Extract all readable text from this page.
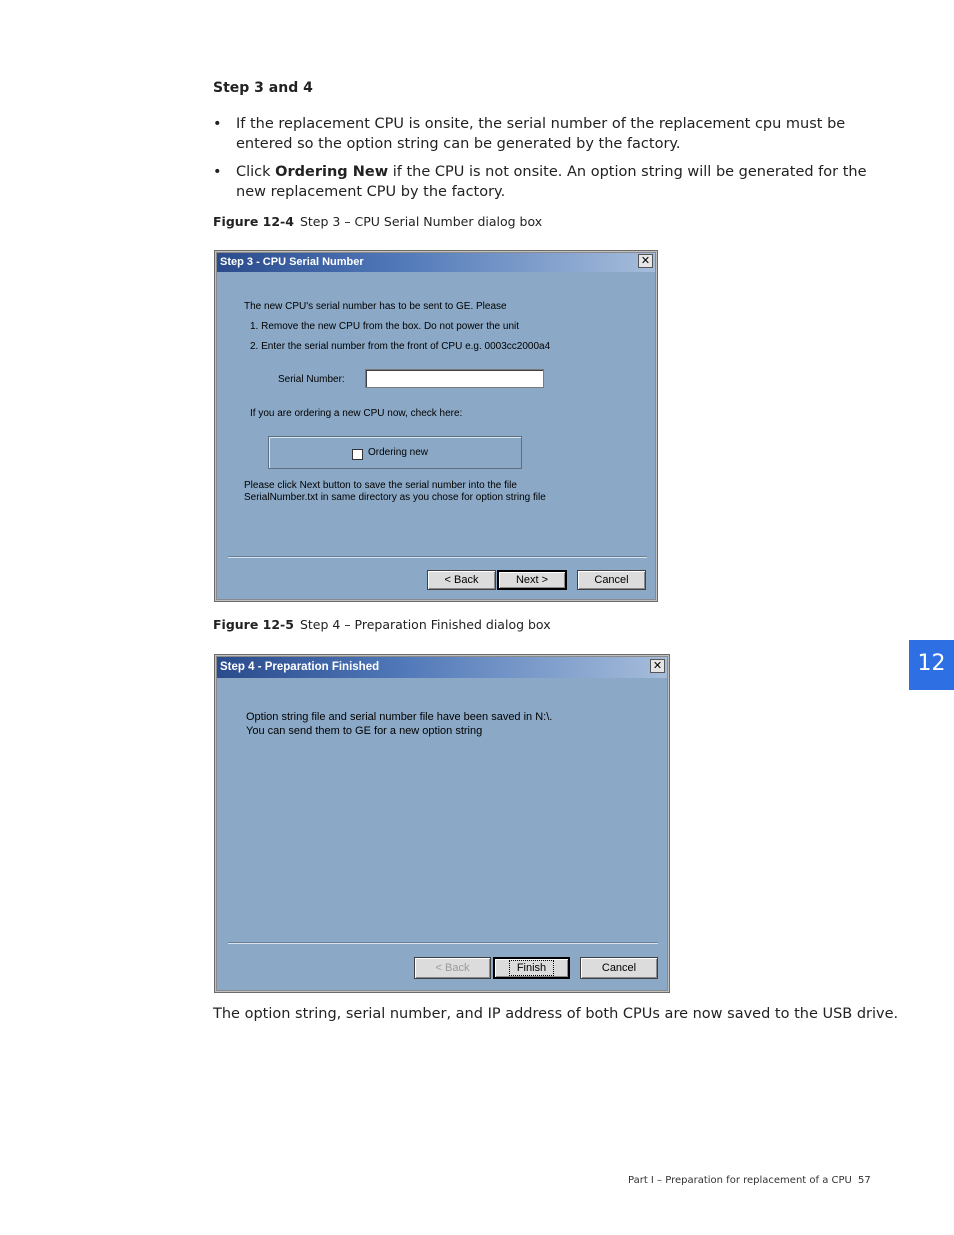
Step 3 and 4
• If the replacement CPU is onsite, the serial number of the replacement cpu must be entered so the option string can be generated by the factory.
• Click Ordering New if the CPU is not onsite. An option string will be generated for the new replacement CPU by the factory.
Figure 12-4 Step 3 – CPU Serial Number dialog box
Step 3 - CPU Serial Number	✕
The new CPU's serial number has to be sent to GE. Please
1. Remove the new CPU from the box. Do not power the unit
2. Enter the serial number from the front of CPU e.g. 0003cc2000a4
Serial Number:
If you are ordering a new CPU now, check here:
Ordering new
Please click Next button to save the serial number into the file
SerialNumber.txt in same directory as you chose for option string file
< Back	Next >	Cancel
Figure 12-5 Step 4 – Preparation Finished dialog box
Step 4 - Preparation Finished	✕
Option string file and serial number file have been saved in N:\.
You can send them to GE for a new option string
< Back	Finish	Cancel
The option string, serial number, and IP address of both CPUs are now saved to the USB drive.
12
Part I – Preparation for replacement of a CPU 57
